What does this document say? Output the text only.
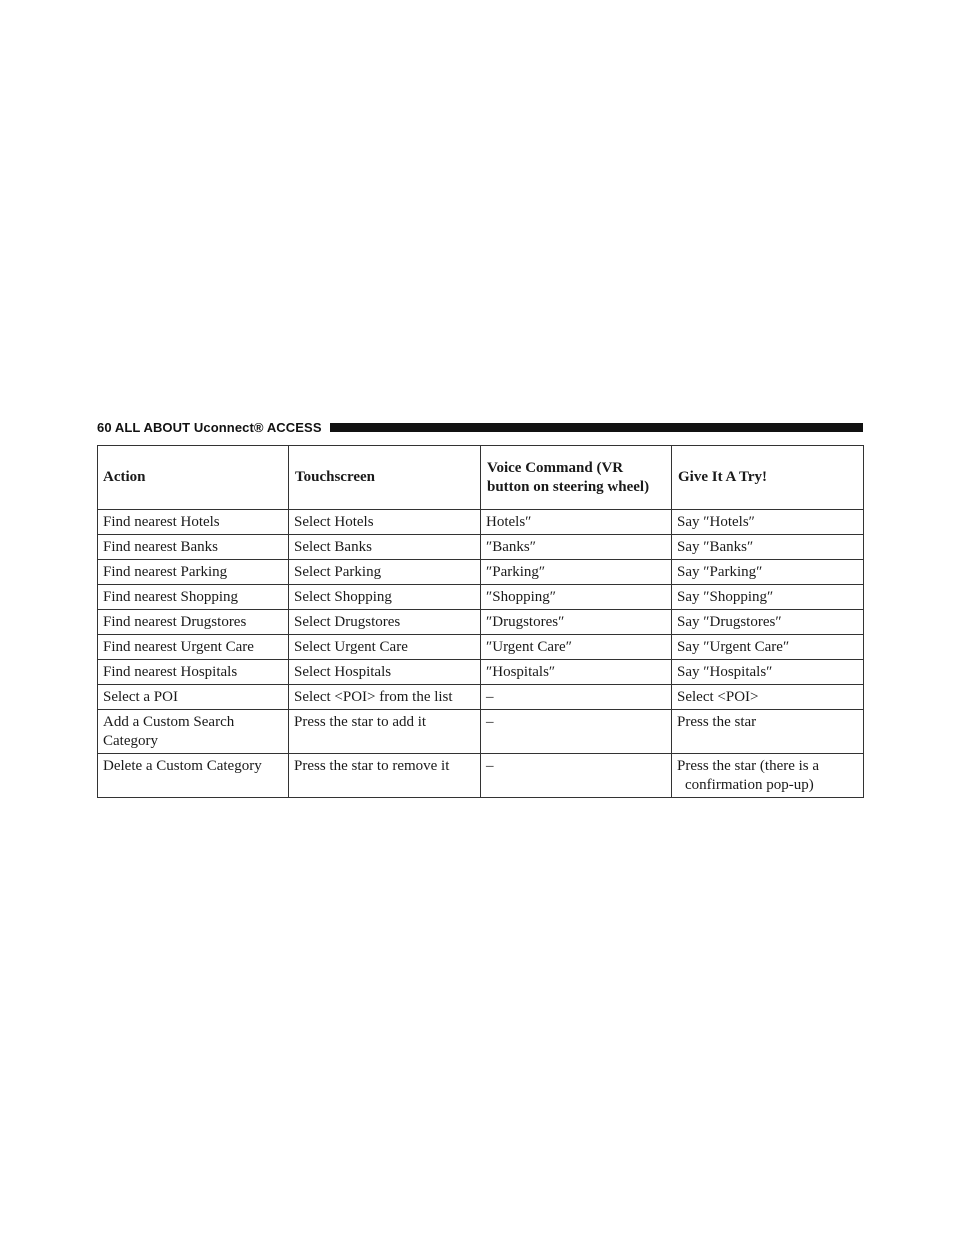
60 ALL ABOUT Uconnect® ACCESS
Action	Touchscreen	Voice Command (VR button on steering wheel)	Give It A Try!
Find nearest Hotels	Select Hotels	Hotels″	Say ″Hotels″
Find nearest Banks	Select Banks	″Banks″	Say ″Banks″
Find nearest Parking	Select Parking	″Parking″	Say ″Parking″
Find nearest Shopping	Select Shopping	″Shopping″	Say ″Shopping″
Find nearest Drugstores	Select Drugstores	″Drugstores″	Say ″Drugstores″
Find nearest Urgent Care	Select Urgent Care	″Urgent Care″	Say ″Urgent Care″
Find nearest Hospitals	Select Hospitals	″Hospitals″	Say ″Hospitals″
Select a POI	Select <POI> from the list	–	Select <POI>
Add a Custom Search Category	Press the star to add it	–	Press the star
Delete a Custom Category	Press the star to remove it	–	Press the star (there is a confirmation pop-up)
